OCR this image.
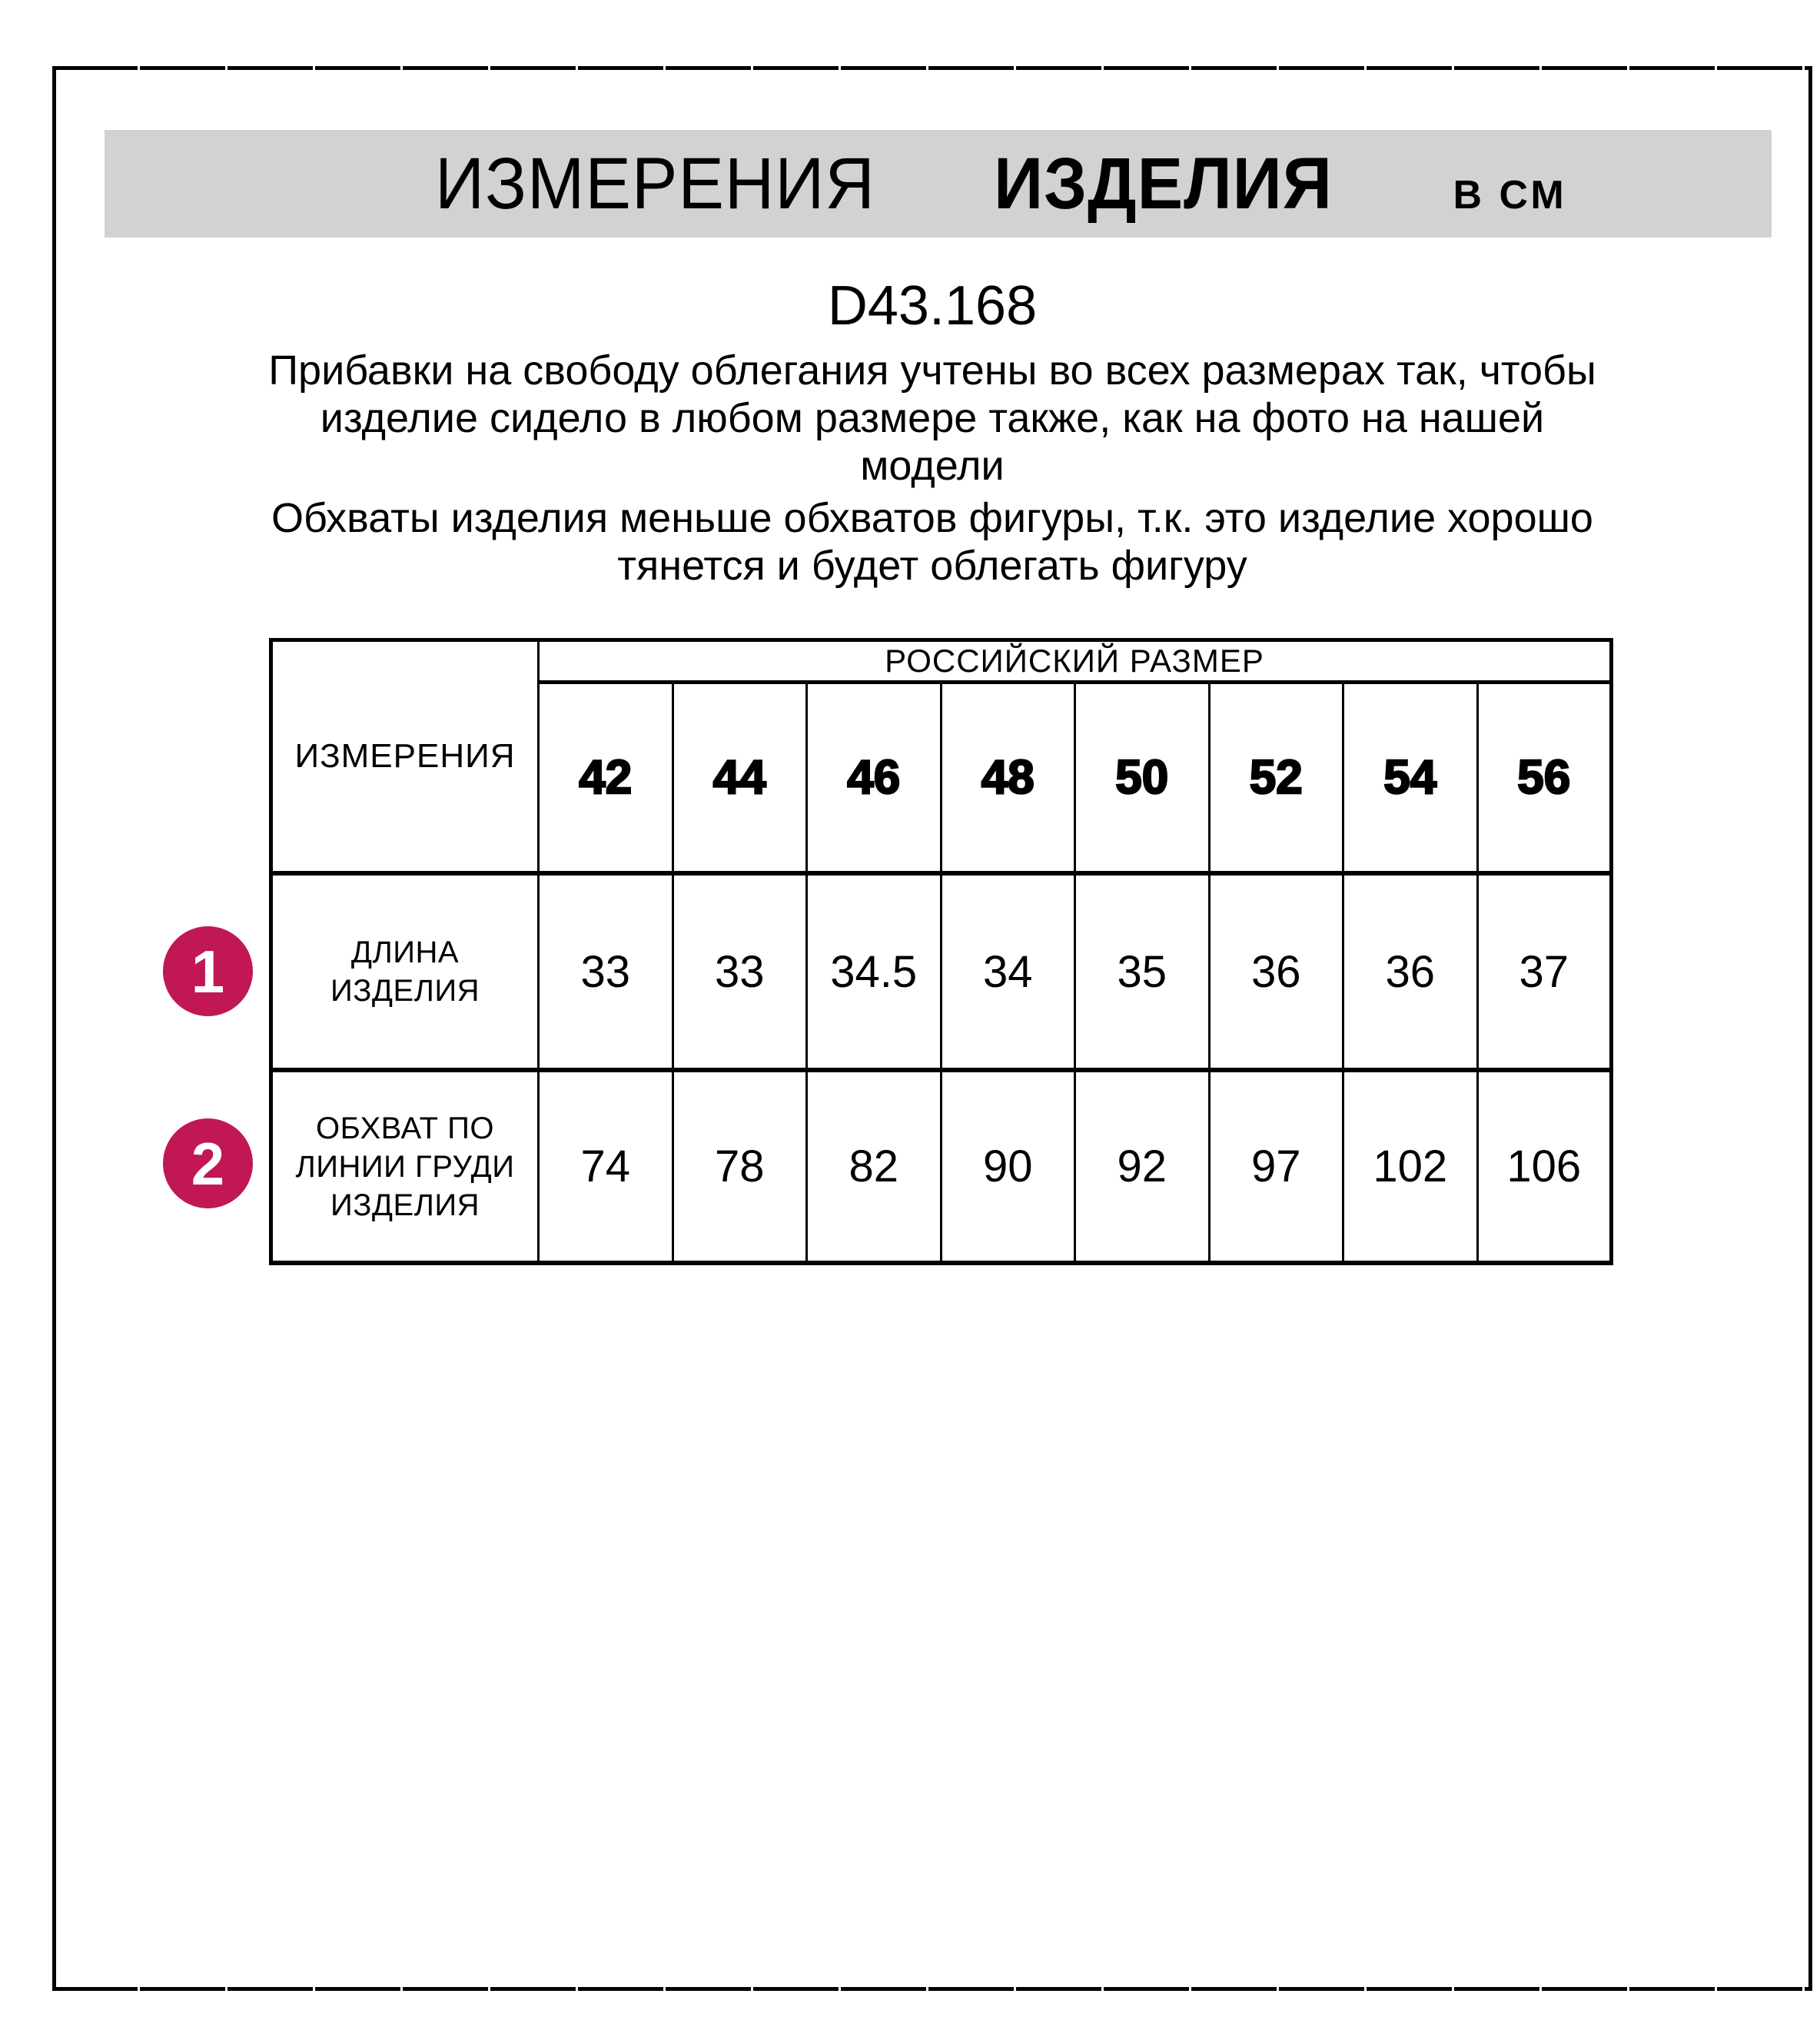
ИЗМЕРЕНИЯ ИЗДЕЛИЯ	В СМ
D43.168
Прибавки на свободу облегания учтены во всех размерах так, чтобы
изделие сидело в любом размере также, как на фото на нашей
модели
Обхваты изделия меньше обхватов фигуры, т.к. это изделие хорошо
тянется и будет облегать фигуру
ИЗМЕРЕНИЯ	РОССИЙСКИЙ РАЗМЕР							
	42	44	46	48	50	52	54	56
ДЛИНА ИЗДЕЛИЯ	33	33	34.5	34	35	36	36	37
ОБХВАТ ПО ЛИНИИ ГРУДИ ИЗДЕЛИЯ	74	78	82	90	92	97	102	106
1
2
